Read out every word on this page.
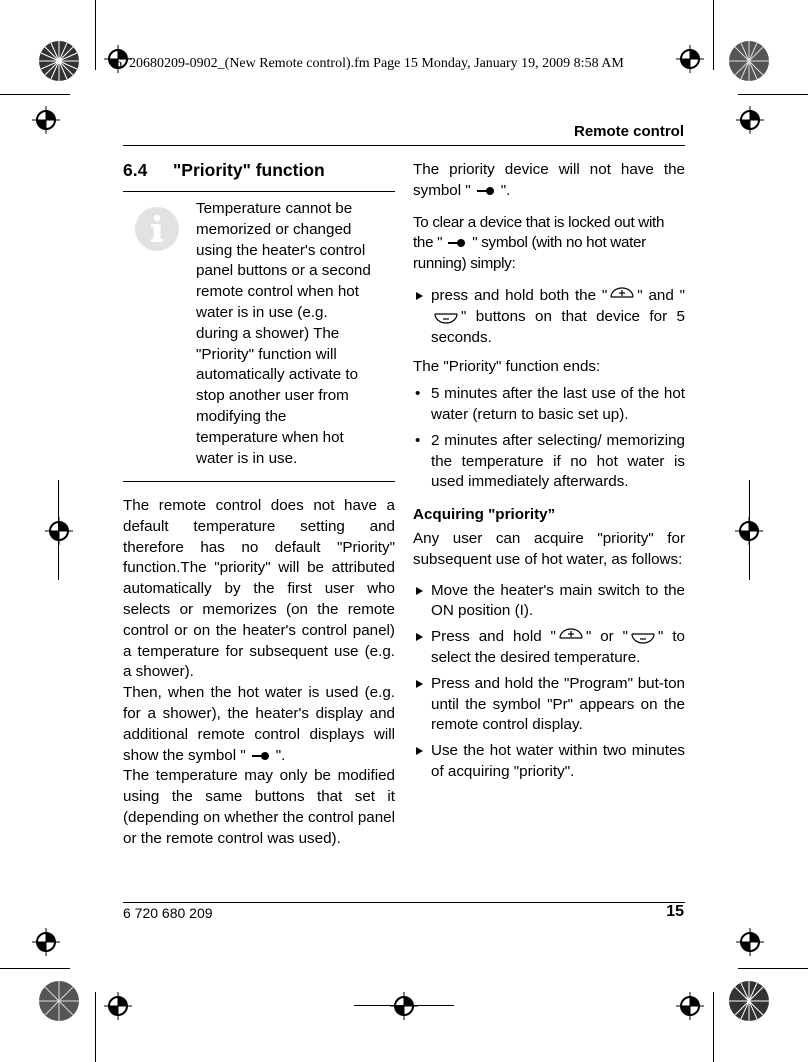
6720680209-0902_(New Remote control).fm Page 15 Monday, January 19, 2009 8:58 AM
Remote control
6.4 "Priority" function
Temperature cannot be memorized or changed using the heater's control panel buttons or a second remote control when hot water is in use (e.g. during a shower) The "Priority" function will automatically activate to stop another user from modifying the temperature when hot water is in use.

The remote control does not have a default temperature setting and therefore has no default "Priority" function.The "priority" will be attributed automatically by the first user who selects or memorizes (on the remote control or on the heater's control panel) a temperature for subsequent use (e.g. a shower).

Then, when the hot water is used (e.g. for a shower), the heater's display and additional remote control displays will show the symbol " ".

The temperature may only be modified using the same buttons that set it (depending on whether the control panel or the remote control was used).

The priority device will not have the symbol " ".

To clear a device that is locked out with the " " symbol (with no hot water running) simply:

press and hold both the " " and "" buttons on that device for 5 seconds.

The "Priority" function ends:

• 5 minutes after the last use of the hot water (return to basic set up).
• 2 minutes after selecting/ memorizing the temperature if no hot water is used immediately afterwards.

Acquiring "priority”

Any user can acquire "priority" for subsequent use of hot water, as follows:

Move the heater's main switch to the ON position (I).
Press and hold " " or " " to select the desired temperature.
Press and hold the "Program" but-ton until the symbol "Pr" appears on the remote control display.
Use the hot water within two minutes of acquiring "priority".
6 720 680 209	15
